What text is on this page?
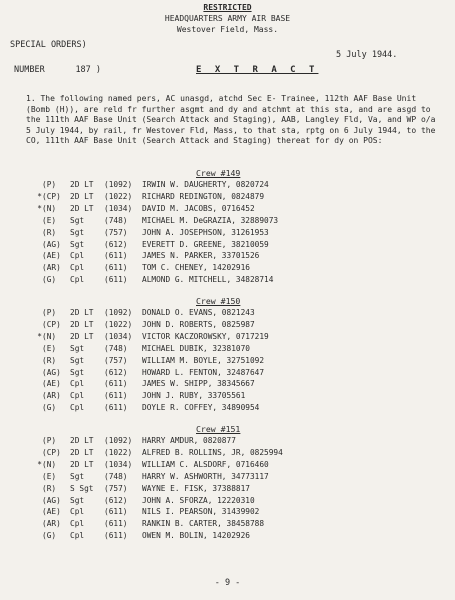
RESTRICTED
HEADQUARTERS ARMY AIR BASE
Westover Field, Mass.
SPECIAL ORDERS)
5 July 1944.
NUMBER	187 )	E X T R A C T
1. The following named pers, AC unasgd, atchd Sec E- Trainee, 112th AAF Base Unit (Bomb (H)), are reld fr further asgmt and dy and atchmt at this sta, and are asgd to the 111th AAF Base Unit (Search Attack and Staging), AAB, Langley Fld, Va, and WP o/a 5 July 1944, by rail, fr Westover Fld, Mass, to that sta, rptg on 6 July 1944, to the CO, 111th AAF Base Unit (Search Attack and Staging) thereat for dy on POS:
Crew #149
(P) 2D LT (1092) IRWIN W. DAUGHERTY, 0820724
*(CP) 2D LT (1022) RICHARD REDINGTON, 0824879
*(N) 2D LT (1034) DAVID M. JACOBS, 0716452
(E) Sgt	(748) MICHAEL M. DeGRAZIA, 32889073
(R) Sgt	(757) JOHN A. JOSEPHSON, 31261953
(AG) Sgt	(612) EVERETT D. GREENE, 38210059
(AE) Cpl	(611) JAMES N. PARKER, 33701526
(AR) Cpl	(611) TOM C. CHENEY, 14202916
(G) Cpl	(611) ALMOND G. MITCHELL, 34828714
Crew #150
(P) 2D LT (1092) DONALD O. EVANS, 0821243
(CP) 2D LT (1022) JOHN D. ROBERTS, 0825987
*(N) 2D LT (1034) VICTOR KACZOROWSKY, 0717219
(E) Sgt	(748) MICHAEL DUBIK, 32381070
(R) Sgt	(757) WILLIAM M. BOYLE, 32751092
(AG) Sgt	(612) HOWARD L. FENTON, 32487647
(AE) Cpl	(611) JAMES W. SHIPP, 38345667
(AR) Cpl	(611) JOHN J. RUBY, 33705561
(G) Cpl	(611) DOYLE R. COFFEY, 34890954
Crew #151
(P) 2D LT (1092) HARRY AMDUR, 0820877
(CP) 2D LT (1022) ALFRED B. ROLLINS, JR, 0825994
*(N) 2D LT (1034) WILLIAM C. ALSDORF, 0716460
(E) Sgt	(748) HARRY W. ASHWORTH, 34773117
(R) S Sgt (757) WAYNE E. FISK, 37388817
(AG) Sgt	(612) JOHN A. SFORZA, 12220310
(AE) Cpl	(611) NILS I. PEARSON, 31439902
(AR) Cpl	(611) RANKIN B. CARTER, 38458788
(G) Cpl	(611) OWEN M. BOLIN, 14202926
- 9 -
